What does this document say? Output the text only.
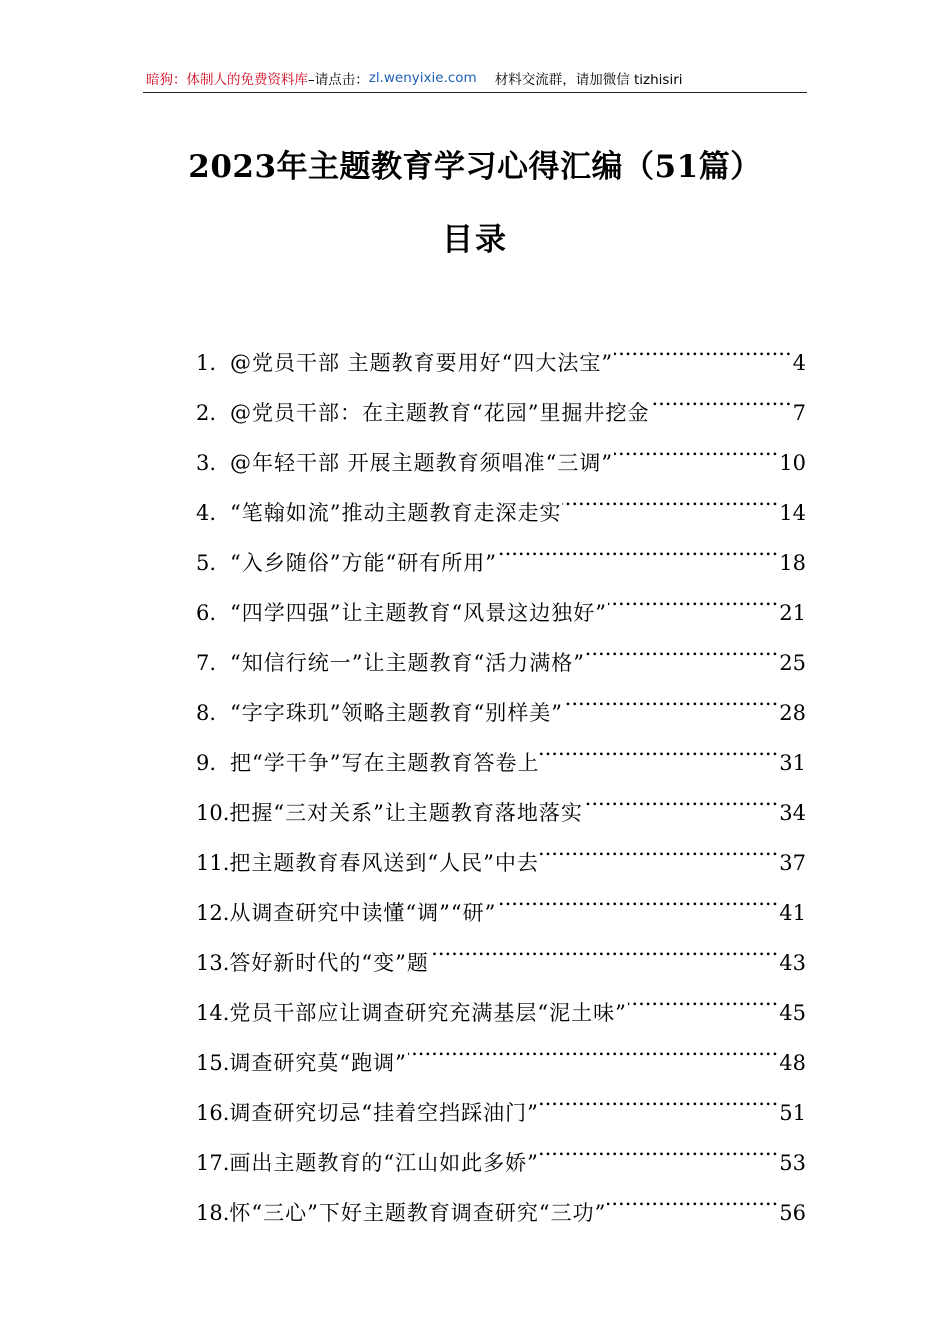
暗狗：体制人的免费资料库 –请点击： zl.wenyixie.com 材料交流群，请加微信 tizhisiri
2023年主题教育学习心得汇编（51篇）
目录
1. @党员干部 主题教育要用好“四大法宝” .....	4
2. @党员干部：在主题教育“花园”里掘井挖金 .....	7
3. @年轻干部 开展主题教育须唱准“三调” .....	10
4. “笔翰如流”推动主题教育走深走实 .....	14
5. “入乡随俗”方能“研有所用” .....	18
6. “四学四强”让主题教育“风景这边独好” .....	21
7. “知信行统一”让主题教育“活力满格” .....	25
8. “字字珠玑”领略主题教育“别样美” .....	28
9. 把“学干争”写在主题教育答卷上 .....	31
10. 把握“三对关系”让主题教育落地落实 .....	34
11. 把主题教育春风送到“人民”中去 .....	37
12. 从调查研究中读懂“调”“研” .....	41
13. 答好新时代的“变”题 .....	43
14. 党员干部应让调查研究充满基层“泥土味” .....	45
15. 调查研究莫“跑调” .....	48
16. 调查研究切忌“挂着空挡踩油门” .....	51
17. 画出主题教育的“江山如此多娇” .....	53
18. 怀“三心”下好主题教育调查研究“三功” .....	56
